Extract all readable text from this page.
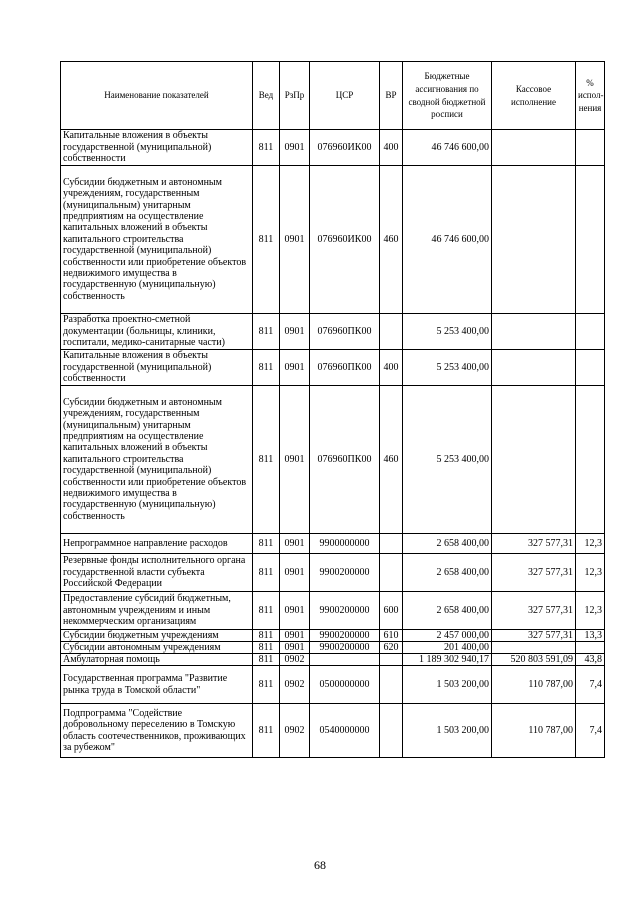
Наименование показателей	Вед	РзПр	ЦСР	ВР	Бюджетные ассигнования по сводной бюджетной росписи	Кассовое исполнение	% испол-нения
Капитальные вложения в объекты государственной (муниципальной) собственности	811	0901	076960ИК00	400	46 746 600,00		
Субсидии бюджетным и автономным учреждениям, государственным (муниципальным) унитарным предприятиям на осуществление капитальных вложений в объекты капитального строительства государственной (муниципальной) собственности или приобретение объектов недвижимого имущества в государственную (муниципальную) собственность	811	0901	076960ИК00	460	46 746 600,00		
Разработка проектно-сметной документации (больницы, клиники, госпитали, медико-санитарные части)	811	0901	076960ПК00		5 253 400,00		
Капитальные вложения в объекты государственной (муниципальной) собственности	811	0901	076960ПК00	400	5 253 400,00		
Субсидии бюджетным и автономным учреждениям, государственным (муниципальным) унитарным предприятиям на осуществление капитальных вложений в объекты капитального строительства государственной (муниципальной) собственности или приобретение объектов недвижимого имущества в государственную (муниципальную) собственность	811	0901	076960ПК00	460	5 253 400,00		
Непрограммное направление расходов	811	0901	9900000000		2 658 400,00	327 577,31	12,3
Резервные фонды исполнительного органа государственной власти субъекта Российской Федерации	811	0901	9900200000		2 658 400,00	327 577,31	12,3
Предоставление субсидий бюджетным, автономным учреждениям и иным некоммерческим организациям	811	0901	9900200000	600	2 658 400,00	327 577,31	12,3
Субсидии бюджетным учреждениям	811	0901	9900200000	610	2 457 000,00	327 577,31	13,3
Субсидии автономным учреждениям	811	0901	9900200000	620	201 400,00		
Амбулаторная помощь	811	0902			1 189 302 940,17	520 803 591,09	43,8
Государственная программа "Развитие рынка труда в Томской области"	811	0902	0500000000		1 503 200,00	110 787,00	7,4
Подпрограмма "Содействие добровольному переселению в Томскую область соотечественников, проживающих за рубежом"	811	0902	0540000000		1 503 200,00	110 787,00	7,4
68
